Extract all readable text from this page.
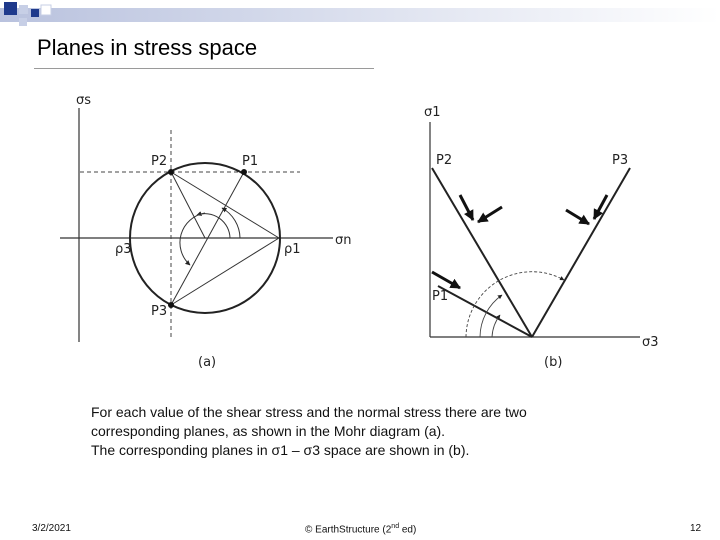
Planes in stress space
σs
σn
P2	P1
P3
ρ3	ρ1
(a)
σ1
σ3
P2	P3
P1
(b)
For each value of the shear stress and the normal stress there are two
corresponding planes, as shown in the Mohr diagram (a).
The corresponding planes in σ1 – σ3 space are shown in (b).
3/2/2021	© EarthStructure (2nd ed)	12
